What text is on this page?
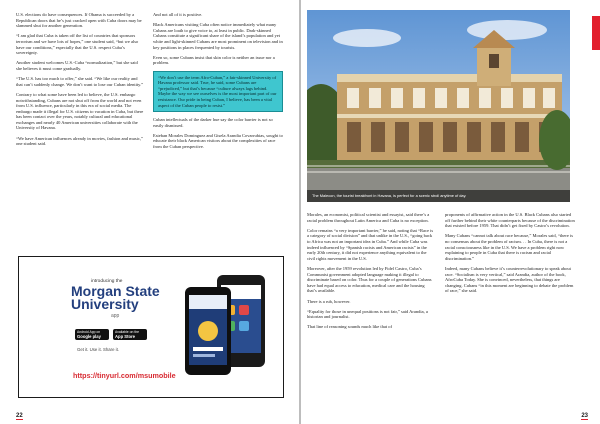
U.S. elections do have consequences. If Obama is succeeded by a Republican doors that he’s just cracked open with Cuba doors may be slammed shut for another generation.

“I am glad that Cuba is taken off the list of countries that sponsors terrorism and we have lots of hopes,” one student said, “but we also have our conditions,” especially that the U.S. respect Cuba’s sovereignty.

Another student welcomes U.S.-Cuba “normalization,” but she said she believes it must come gradually.

“The U.S. has too much to offer,” she said. “We like our reality and that can’t suddenly change. We don’t want to lose our Cuban identity.”

Contrary to what some have been led to believe, the U.S. embargo notwithstanding, Cubans are not shut off from the world and not even from U.S. influence, particularly in this era of social media. The embargo made it illegal for U.S. citizens to vacation in Cuba, but there has been contact over the years, notably cultural and educational exchanges and nearly 40 American universities collaborate with the University of Havana.

“We have American influences already in movies, fashion and music,” one student said.

And not all of it is positive.

Black Americans visiting Cuba often notice immediately what many Cubans are loath to give voice to, at least in public. Dark-skinned Cubans constitute a significant share of the island’s population and yet white and light-skinned Cubans are most prominent on television and in key positions in places frequented by tourists.

Even so, some Cubans insist that skin color is neither an issue nor a problem.

“We don’t use the term Afro-Cuban,” a fair-skinned University of Havana professor said. True, he said, some Cubans are “prejudiced,” but that’s because “culture always lags behind. Maybe the way we see ourselves is the most important part of our resistance. Our pride in being Cuban, I believe, has been a vital aspect of the Cuban people to resist.”

Cuban intellectuals of the darker hue say the color barrier is not so easily dismissed.

Esteban Morales Dominguez and Gisela Arandia Covarrubias, sought to educate their black American visitors about the complexities of race from the Cuban perspective.

introducing the
Morgan State University
app
Android App on
Google play
Available on the
App Store
Get it. Use it. Share it.
https://tinyurl.com/msumobile
22
The Malecon, the tourist breakfront in Havana, is perfect for a scenic stroll anytime of day.

Morales, an economist, political scientist and essayist, said there’s a racial problem throughout Latin America and Cuba is no exception.

Color remains “a very important barrier,” he said, noting that “Race is a category of social division” and that unlike in the U.S., “going back to Africa was not an important idea in Cuba.” And while Cuba was indeed influenced by “Spanish racists and American racists” in the early 20th century, it did not experience anything equivalent to the civil rights movement in the U.S.

Moreover, after the 1959 revolution led by Fidel Castro, Cuba’s Communist government adopted language making it illegal to discriminate based on color. Thus for a couple of generations Cubans have had equal access to education, medical care and the housing that’s available.

There is a rub, however.

“Equality for those in unequal positions is not fair,” said Arandia, a historian and journalist.

That line of reasoning sounds much like that of

proponents of affirmative action in the U.S. Black Cubans also started off further behind their white counterparts because of the discrimination that existed before 1959. That didn’t get fixed by Castro’s revolution.

Many Cubans “cannot talk about race because,” Morales said, “there is no consensus about the problem of racism. . . In Cuba, there is not a racial consciousness like in the U.S. We have a problem right now explaining to people in Cuba that there is racism and racial discrimination.”

Indeed, many Cubans believe it’s counterrevolutionary to speak about race. “Socialism is very vertical,” said Arandia, author of the book, AfroCuba Today. She is convinced, nevertheless, that things are changing. Cubans “in this moment are beginning to debate the problem of race,” she said.

23
